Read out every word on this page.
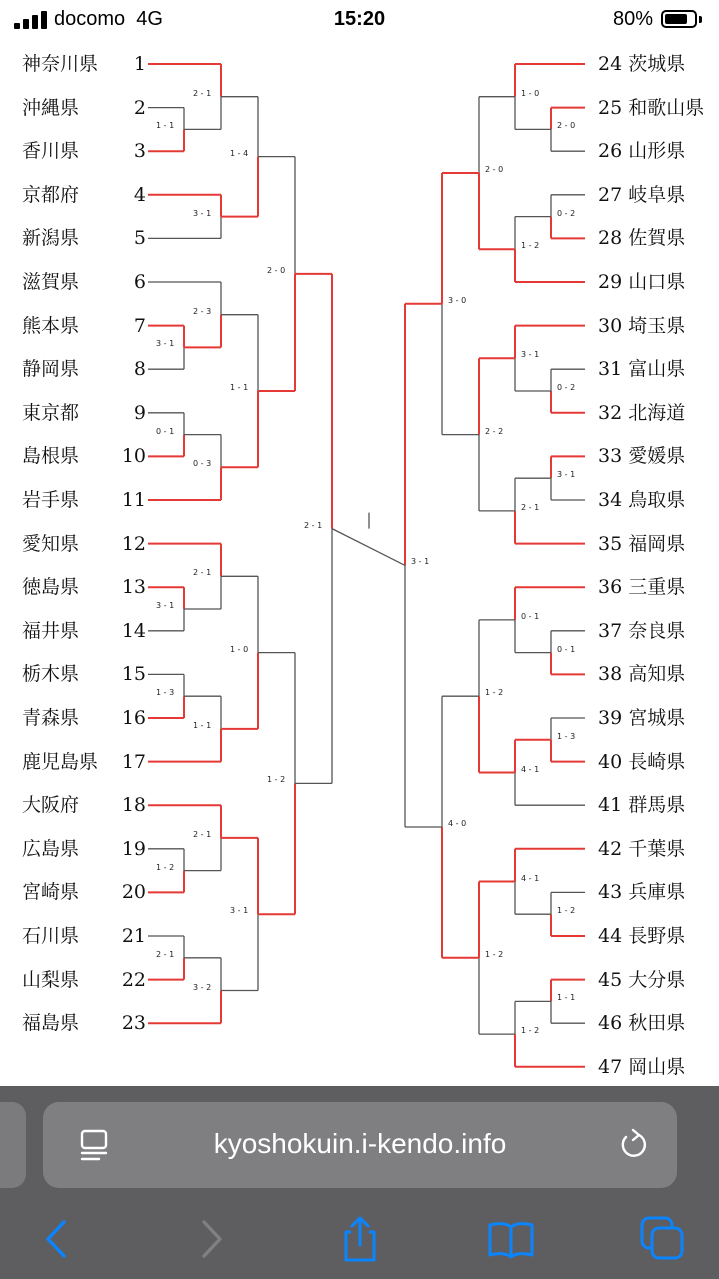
docomo 4G	15:20	80%
神奈川県	1
沖縄県	2
香川県	3
京都府	4
新潟県	5
滋賀県	6
熊本県	7
静岡県	8
東京都	9
島根県	10
岩手県	11
愛知県	12
徳島県	13
福井県	14
栃木県	15
青森県	16
鹿児島県	17
大阪府	18
広島県	19
宮崎県	20
石川県	21
山梨県	22
福島県	23
24 茨城県
25 和歌山県
26 山形県
27 岐阜県
28 佐賀県
29 山口県
30 埼玉県
31 富山県
32 北海道
33 愛媛県
34 鳥取県
35 福岡県
36 三重県
37 奈良県
38 高知県
39 宮城県
40 長崎県
41 群馬県
42 千葉県
43 兵庫県
44 長野県
45 大分県
46 秋田県
47 岡山県
1 - 1
2 - 1
3 - 1
1 - 4
3 - 1
2 - 3
0 - 1
0 - 3
1 - 1
2 - 0
3 - 1
2 - 1
1 - 3
1 - 1
1 - 0
1 - 2
2 - 1
2 - 1
3 - 2
3 - 1
1 - 2
2 - 1
2 - 0
1 - 0
0 - 2
1 - 2
2 - 0
0 - 2
3 - 1
3 - 1
2 - 1
2 - 2
3 - 0
0 - 1
0 - 1
1 - 3
4 - 1
1 - 2
1 - 2
4 - 1
1 - 1
1 - 2
1 - 2
4 - 0
3 - 1
kyoshokuin.i-kendo.info
